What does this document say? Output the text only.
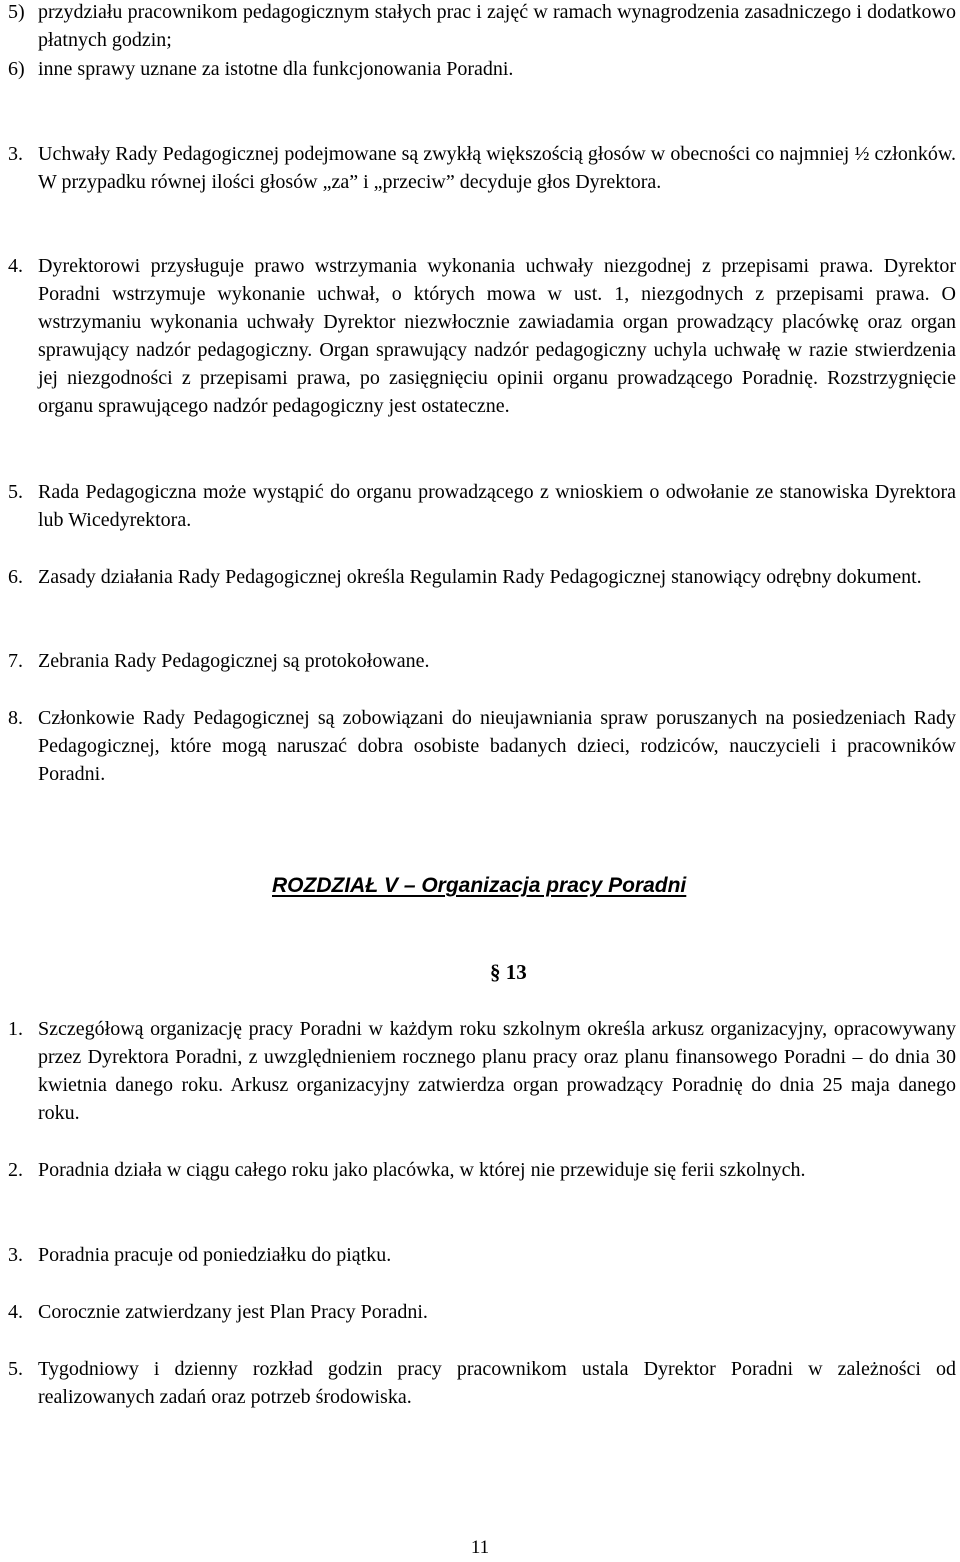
5) przydziału pracownikom pedagogicznym stałych prac i zajęć w ramach wynagrodzenia zasadniczego i dodatkowo płatnych godzin;
6) inne sprawy uznane za istotne dla funkcjonowania Poradni.
3. Uchwały Rady Pedagogicznej podejmowane są zwykłą większością głosów w obecności co najmniej ½ członków. W przypadku równej ilości głosów „za” i „przeciw” decyduje głos Dyrektora.
4. Dyrektorowi przysługuje prawo wstrzymania wykonania uchwały niezgodnej z przepisami prawa. Dyrektor Poradni wstrzymuje wykonanie uchwał, o których mowa w ust. 1, niezgodnych z przepisami prawa. O wstrzymaniu wykonania uchwały Dyrektor niezwłocznie zawiadamia organ prowadzący placówkę oraz organ sprawujący nadzór pedagogiczny. Organ sprawujący nadzór pedagogiczny uchyla uchwałę w razie stwierdzenia jej niezgodności z przepisami prawa, po zasięgnięciu opinii organu prowadzącego Poradnię. Rozstrzygnięcie organu sprawującego nadzór pedagogiczny jest ostateczne.
5. Rada Pedagogiczna może wystąpić do organu prowadzącego z wnioskiem o odwołanie ze stanowiska Dyrektora lub Wicedyrektora.
6. Zasady działania Rady Pedagogicznej określa Regulamin Rady Pedagogicznej stanowiący odrębny dokument.
7. Zebrania Rady Pedagogicznej są protokołowane.
8. Członkowie Rady Pedagogicznej są zobowiązani do nieujawniania spraw poruszanych na posiedzeniach Rady Pedagogicznej, które mogą naruszać dobra osobiste badanych dzieci, rodziców, nauczycieli i pracowników Poradni.
ROZDZIAŁ V – Organizacja pracy Poradni
§ 13
1. Szczegółową organizację pracy Poradni w każdym roku szkolnym określa arkusz organizacyjny, opracowywany przez Dyrektora Poradni, z uwzględnieniem rocznego planu pracy oraz planu finansowego Poradni – do dnia 30 kwietnia danego roku. Arkusz organizacyjny zatwierdza organ prowadzący Poradnię do dnia 25 maja danego roku.
2. Poradnia działa w ciągu całego roku jako placówka, w której nie przewiduje się ferii szkolnych.
3. Poradnia pracuje od poniedziałku do piątku.
4. Corocznie zatwierdzany jest Plan Pracy Poradni.
5. Tygodniowy i dzienny rozkład godzin pracy pracownikom ustala Dyrektor Poradni w zależności od realizowanych zadań oraz potrzeb środowiska.
11
